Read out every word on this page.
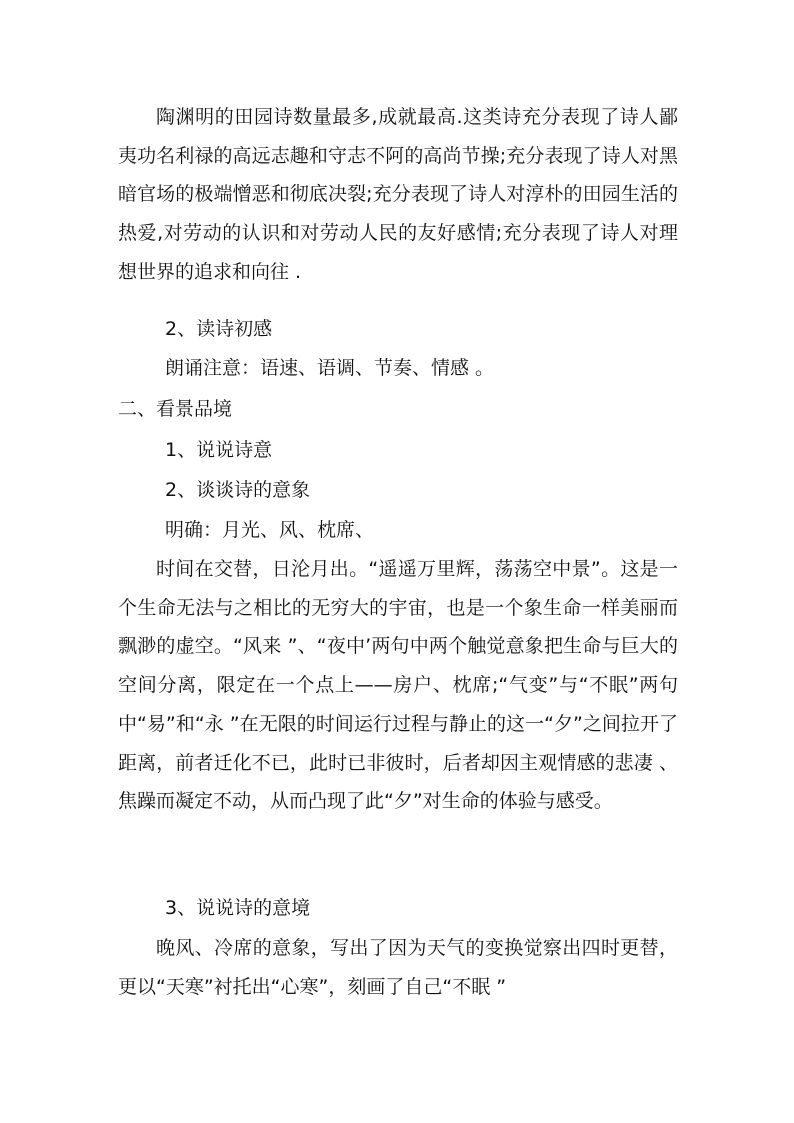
陶渊明的田园诗数量最多,成就最高.这类诗充分表现了诗人鄙夷功名利禄的高远志趣和守志不阿的高尚节操;充分表现了诗人对黑暗官场的极端憎恶和彻底决裂;充分表现了诗人对淳朴的田园生活的热爱,对劳动的认识和对劳动人民的友好感情;充分表现了诗人对理想世界的追求和向往 .

2、读诗初感

朗诵注意：语速、语调、节奏、情感 。

二、看景品境

1、说说诗意

2、谈谈诗的意象

明确：月光、风、枕席、

时间在交替，日沦月出。“遥遥万里辉，荡荡空中景”。这是一个生命无法与之相比的无穷大的宇宙，也是一个象生命一样美丽而飘渺的虚空。“风来 ”、“夜中’两句中两个触觉意象把生命与巨大的空间分离，限定在一个点上——房户、枕席;“气变”与“不眠”两句中“易”和“永 ”在无限的时间运行过程与静止的这一“夕”之间拉开了距离，前者迁化不已，此时已非彼时，后者却因主观情感的悲凄 、焦躁而凝定不动，从而凸现了此“夕”对生命的体验与感受。

3、说说诗的意境

晚风、冷席的意象，写出了因为天气的变换觉察出四时更替，更以“天寒”衬托出“心寒”，刻画了自己“不眠 ”
